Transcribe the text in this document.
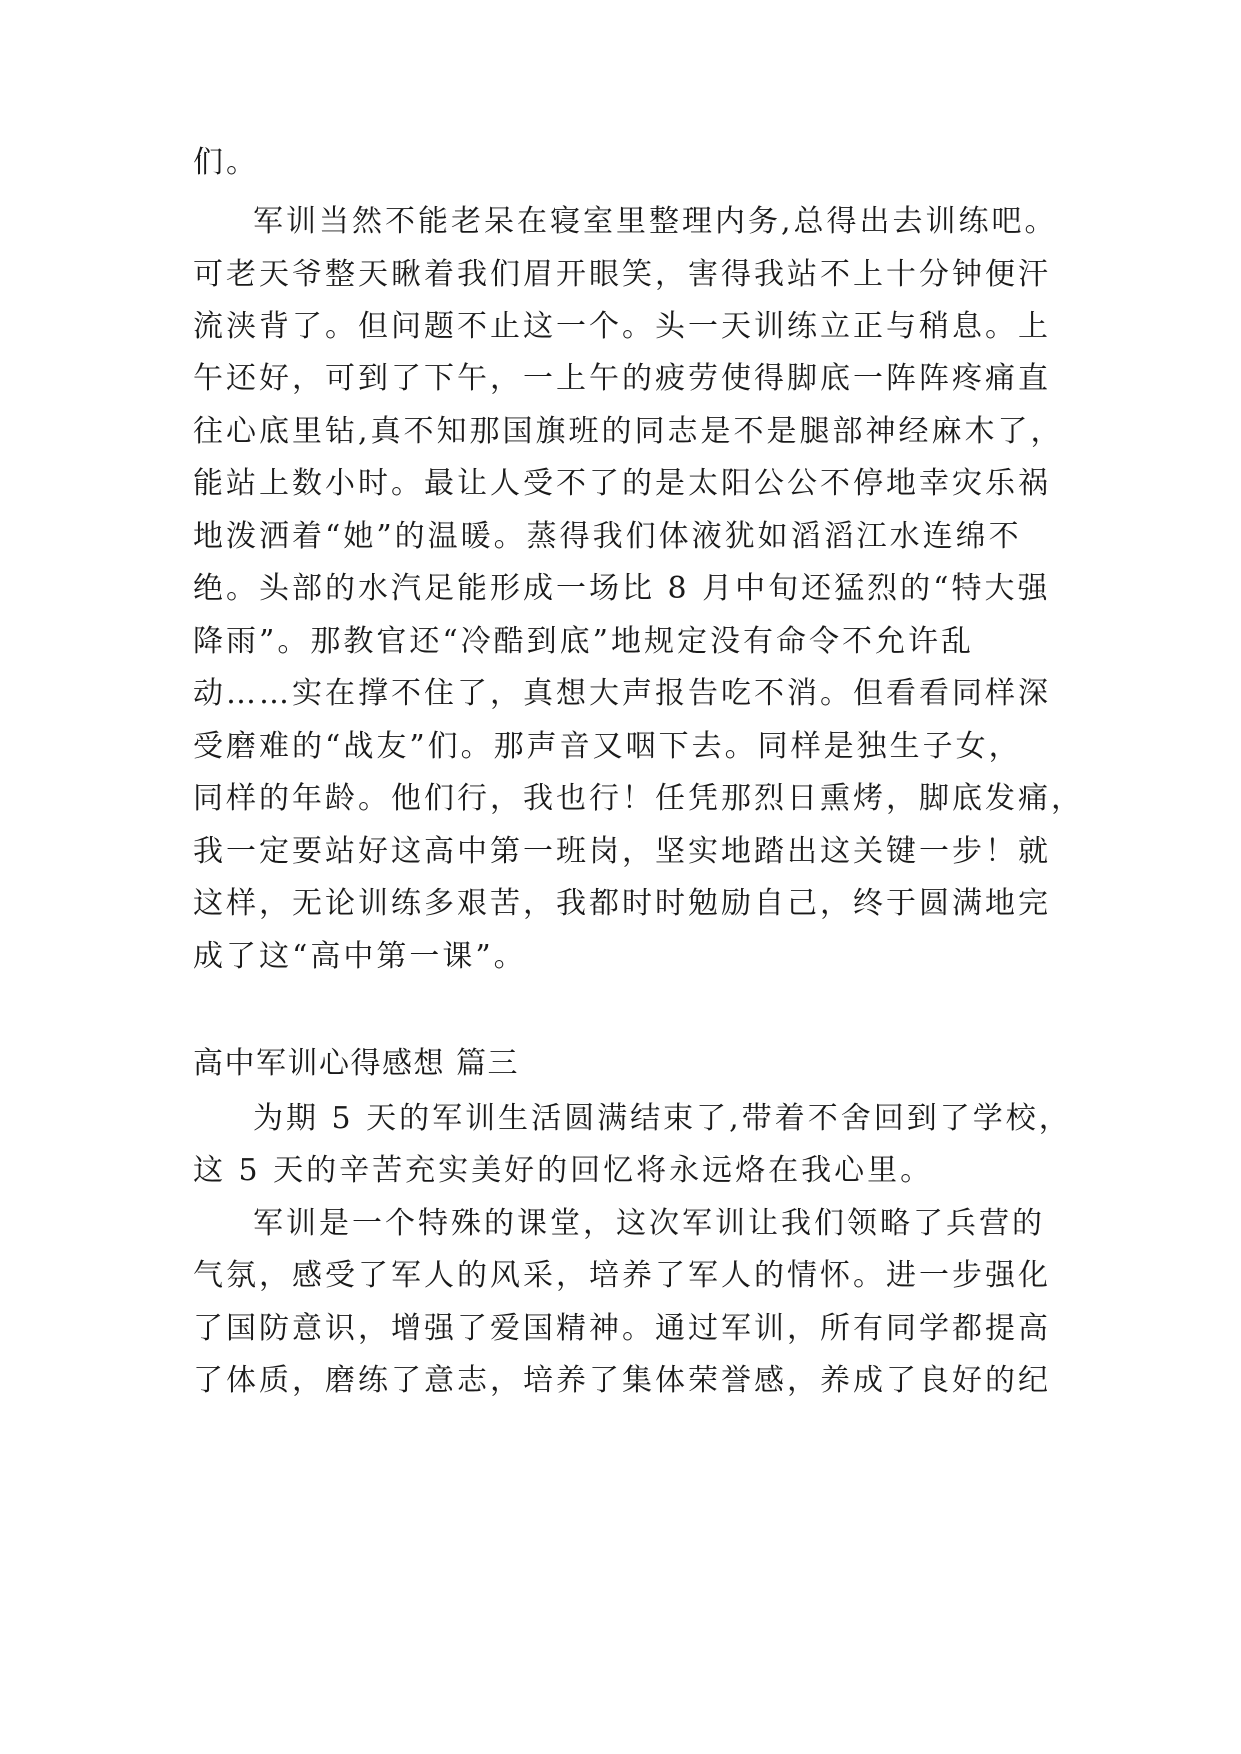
们。
军训当然不能老呆在寝室里整理内务,总得出去训练吧。
可老天爷整天瞅着我们眉开眼笑，害得我站不上十分钟便汗
流浃背了。但问题不止这一个。头一天训练立正与稍息。上
午还好，可到了下午，一上午的疲劳使得脚底一阵阵疼痛直
往心底里钻,真不知那国旗班的同志是不是腿部神经麻木了，
能站上数小时。最让人受不了的是太阳公公不停地幸灾乐祸
地泼洒着“她”的温暖。蒸得我们体液犹如滔滔江水连绵不
绝。头部的水汽足能形成一场比 8 月中旬还猛烈的“特大强
降雨”。那教官还“冷酷到底”地规定没有命令不允许乱
动……实在撑不住了，真想大声报告吃不消。但看看同样深
受磨难的“战友”们。那声音又咽下去。同样是独生子女，
同样的年龄。他们行，我也行！任凭那烈日熏烤，脚底发痛，
我一定要站好这高中第一班岗，坚实地踏出这关键一步！就
这样，无论训练多艰苦，我都时时勉励自己，终于圆满地完
成了这“高中第一课”。
高中军训心得感想 篇三
为期 5 天的军训生活圆满结束了,带着不舍回到了学校，
这 5 天的辛苦充实美好的回忆将永远烙在我心里。
军训是一个特殊的课堂，这次军训让我们领略了兵营的
气氛，感受了军人的风采，培养了军人的情怀。进一步强化
了国防意识，增强了爱国精神。通过军训，所有同学都提高
了体质，磨练了意志，培养了集体荣誉感，养成了良好的纪
